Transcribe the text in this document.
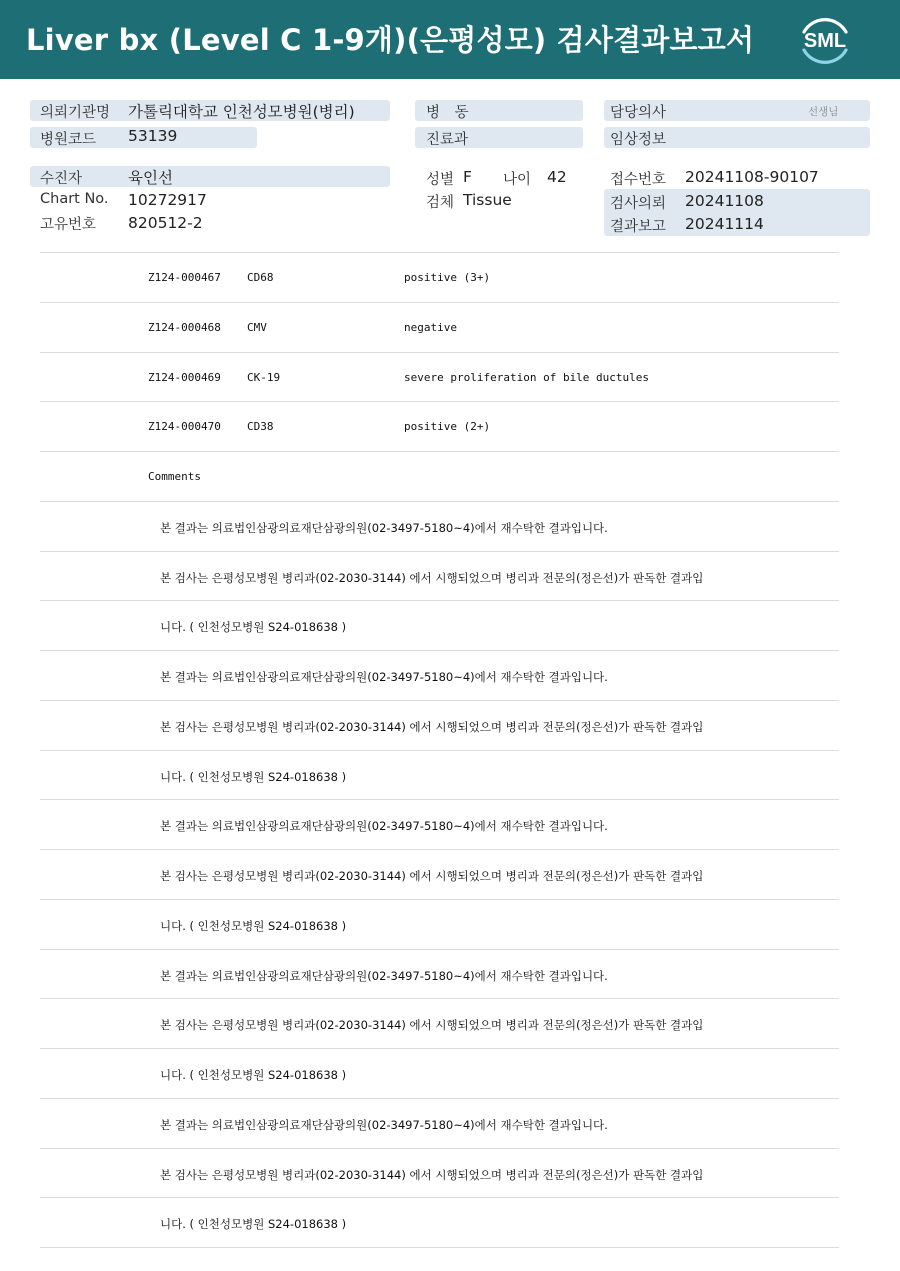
Liver bx (Level C 1-9개)(은평성모) 검사결과보고서 SML
의뢰기관명 가톨릭대학교 인천성모병원(병리)
병원코드 53139
병 동
진료과
담당의사	선생님
임상정보
수진자	육인선
Chart No. 10272917
고유번호 820512-2
성별 F 나이 42
검체 Tissue
접수번호 20241108-90107
검사의뢰 20241108
결과보고 20241114
Z124-000467 CD68	positive (3+)
Z124-000468 CMV	negative
Z124-000469 CK-19	severe proliferation of bile ductules
Z124-000470 CD38	positive (2+)
Comments
본 결과는 의료법인삼광의료재단삼광의원(02-3497-5180~4)에서 재수탁한 결과입니다.
본 검사는 은평성모병원 병리과(02-2030-3144) 에서 시행되었으며 병리과 전문의(정은선)가 판독한 결과입
니다. ( 인천성모병원 S24-018638 )
본 결과는 의료법인삼광의료재단삼광의원(02-3497-5180~4)에서 재수탁한 결과입니다.
본 검사는 은평성모병원 병리과(02-2030-3144) 에서 시행되었으며 병리과 전문의(정은선)가 판독한 결과입
니다. ( 인천성모병원 S24-018638 )
본 결과는 의료법인삼광의료재단삼광의원(02-3497-5180~4)에서 재수탁한 결과입니다.
본 검사는 은평성모병원 병리과(02-2030-3144) 에서 시행되었으며 병리과 전문의(정은선)가 판독한 결과입
니다. ( 인천성모병원 S24-018638 )
본 결과는 의료법인삼광의료재단삼광의원(02-3497-5180~4)에서 재수탁한 결과입니다.
본 검사는 은평성모병원 병리과(02-2030-3144) 에서 시행되었으며 병리과 전문의(정은선)가 판독한 결과입
니다. ( 인천성모병원 S24-018638 )
본 결과는 의료법인삼광의료재단삼광의원(02-3497-5180~4)에서 재수탁한 결과입니다.
본 검사는 은평성모병원 병리과(02-2030-3144) 에서 시행되었으며 병리과 전문의(정은선)가 판독한 결과입
니다. ( 인천성모병원 S24-018638 )
